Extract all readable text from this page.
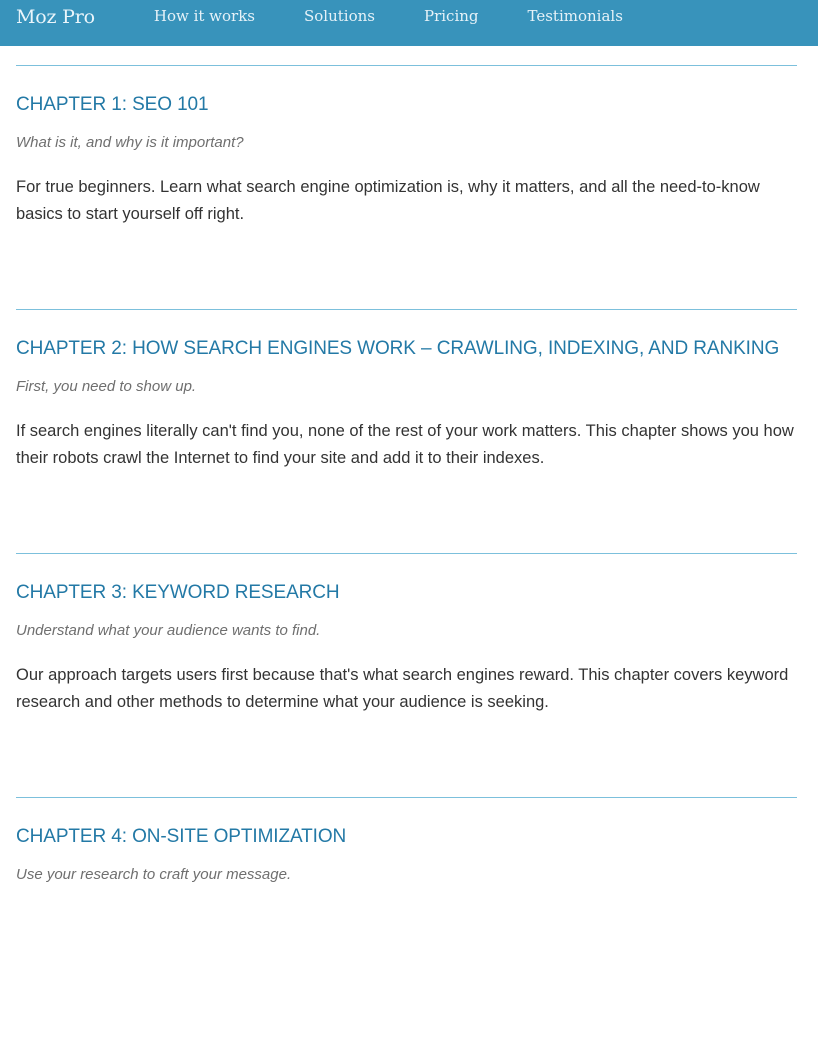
Moz Pro	How it works	Solutions	Pricing	Testimonials
CHAPTER 1: SEO 101

What is it, and why is it important?

For true beginners. Learn what search engine optimization is, why it matters, and all the need-to-know basics to start yourself off right.

CHAPTER 2: HOW SEARCH ENGINES WORK – CRAWLING, INDEXING, AND RANKING

First, you need to show up.

If search engines literally can't find you, none of the rest of your work matters. This chapter shows you how their robots crawl the Internet to find your site and add it to their indexes.

CHAPTER 3: KEYWORD RESEARCH

Understand what your audience wants to find.

Our approach targets users first because that's what search engines reward. This chapter covers keyword research and other methods to determine what your audience is seeking.

CHAPTER 4: ON-SITE OPTIMIZATION

Use your research to craft your message.
